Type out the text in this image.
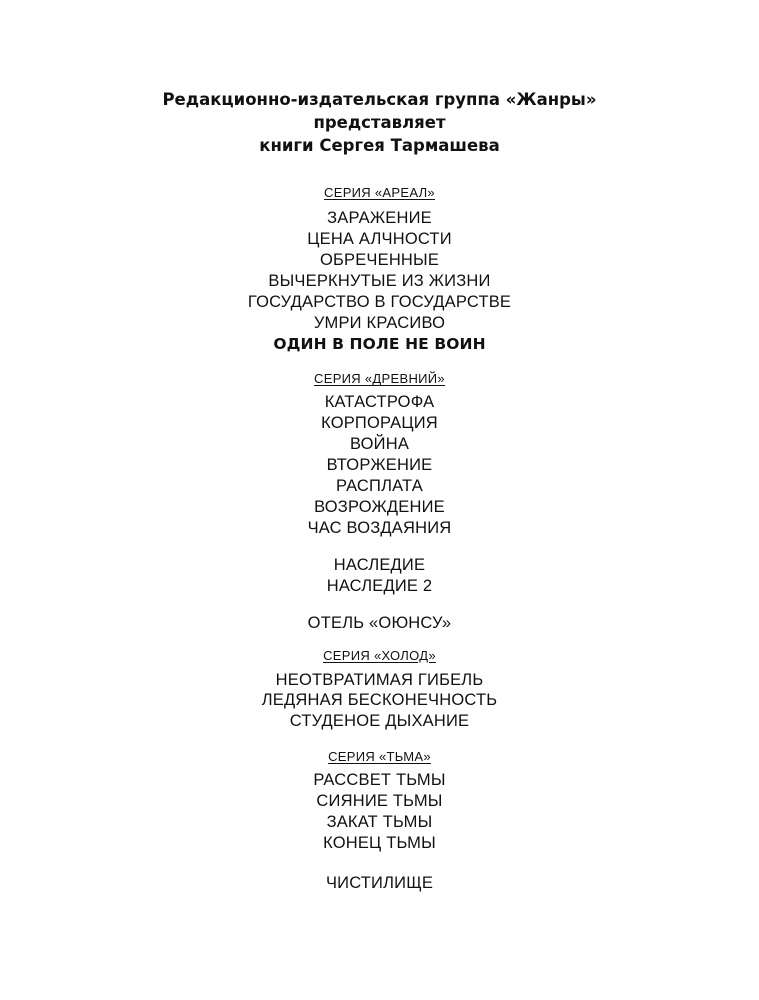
Редакционно-издательская группа «Жанры»
представляет
книги Сергея Тармашева
СЕРИЯ «АРЕАЛ»
ЗАРАЖЕНИЕ
ЦЕНА АЛЧНОСТИ
ОБРЕЧЕННЫЕ
ВЫЧЕРКНУТЫЕ ИЗ ЖИЗНИ
ГОСУДАРСТВО В ГОСУДАРСТВЕ
УМРИ КРАСИВО
ОДИН В ПОЛЕ НЕ ВОИН
СЕРИЯ «ДРЕВНИЙ»
КАТАСТРОФА
КОРПОРАЦИЯ
ВОЙНА
ВТОРЖЕНИЕ
РАСПЛАТА
ВОЗРОЖДЕНИЕ
ЧАС ВОЗДАЯНИЯ
НАСЛЕДИЕ
НАСЛЕДИЕ 2
ОТЕЛЬ «ОЮНСУ»
СЕРИЯ «ХОЛОД»
НЕОТВРАТИМАЯ ГИБЕЛЬ
ЛЕДЯНАЯ БЕСКОНЕЧНОСТЬ
СТУДЕНОЕ ДЫХАНИЕ
СЕРИЯ «ТЬМА»
РАССВЕТ ТЬМЫ
СИЯНИЕ ТЬМЫ
ЗАКАТ ТЬМЫ
КОНЕЦ ТЬМЫ
ЧИСТИЛИЩЕ
